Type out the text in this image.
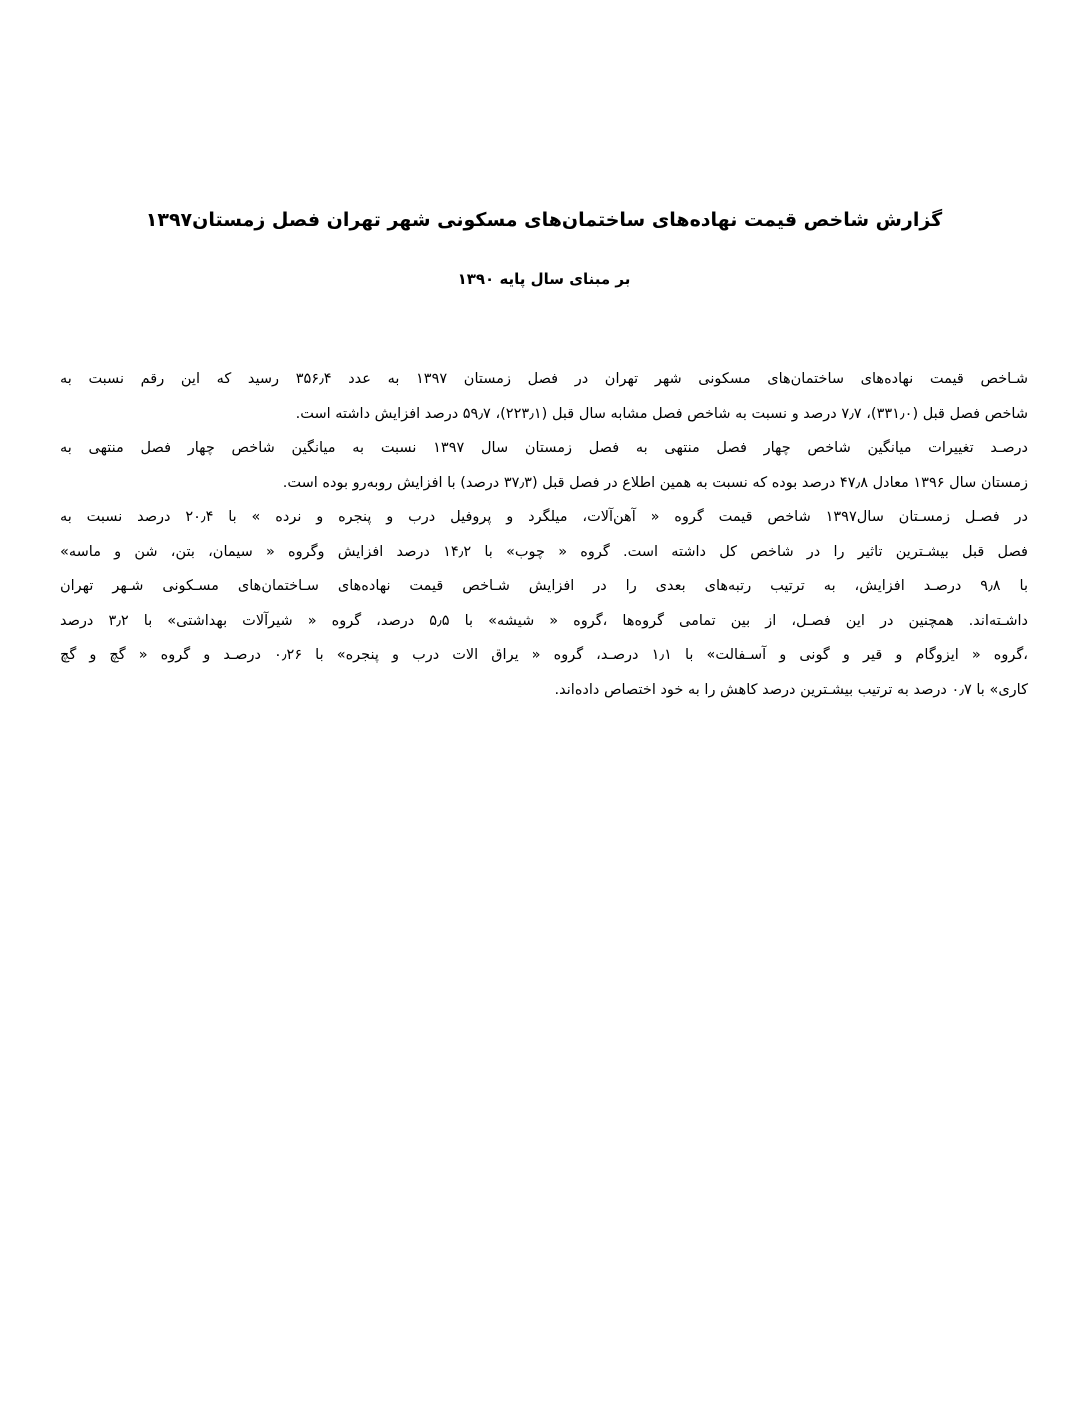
گزارش شاخص قیمت نهاده‌های ساختمان‌های مسکونی شهر تهران فصل زمستان۱۳۹۷
بر مبنای سال پایه ۱۳۹۰
شـاخص قیمت نهاده‌های ساختمان‌های مسکونی شهر تهران در فصل زمستان ۱۳۹۷ به عدد ۳۵۶٫۴ رسید که این رقم نسبت به
شاخص فصل قبل (۳۳۱٫۰)، ۷٫۷ درصد و نسبت به شاخص فصل مشابه سال قبل (۲۲۳٫۱)، ۵۹٫۷ درصد افزایش داشته است.
درصـد تغییرات میانگین شاخص چهار فصل منتهی به فصل زمستان سال ۱۳۹۷ نسبت به میانگین شاخص چهار فصل منتهی به
زمستان سال ۱۳۹۶ معادل ۴۷٫۸ درصد بوده که نسبت به همین اطلاع در فصل قبل (۳۷٫۳ درصد) با افزایش روبه‌رو بوده است.
در فصـل زمسـتان سال۱۳۹۷ شاخص قیمت گروه « آهن‌آلات، میلگرد و پروفیل درب و پنجره و نرده » با ۲۰٫۴ درصد نسبت به
فصل قبل بیشـترین تاثیر را در شاخص کل داشته است. گروه « چوب» با ۱۴٫۲ درصد افزایش وگروه « سیمان، بتن، شن و ماسه»
با ۹٫۸ درصـد افزایش، به ترتیب رتبه‌های بعدی را در افزایش شـاخص قیمت نهاده‌های سـاختمان‌های مسـکونی شـهر تهران
داشـته‌اند. همچنین در این فصـل، از بین تمامی گروه‌ها ،گروه « شیشه» با ۵٫۵ درصد، گروه « شیرآلات بهداشتی» با ۳٫۲ درصد
،گروه « ایزوگام و قیر و گونی و آسـفالت» با ۱٫۱ درصـد، گروه « یراق الات درب و پنجره» با ۰٫۲۶ درصـد و گروه « گچ و گچ
کاری» با ۰٫۷ درصد به ترتیب بیشـترین درصد کاهش را به خود اختصاص داده‌اند.
